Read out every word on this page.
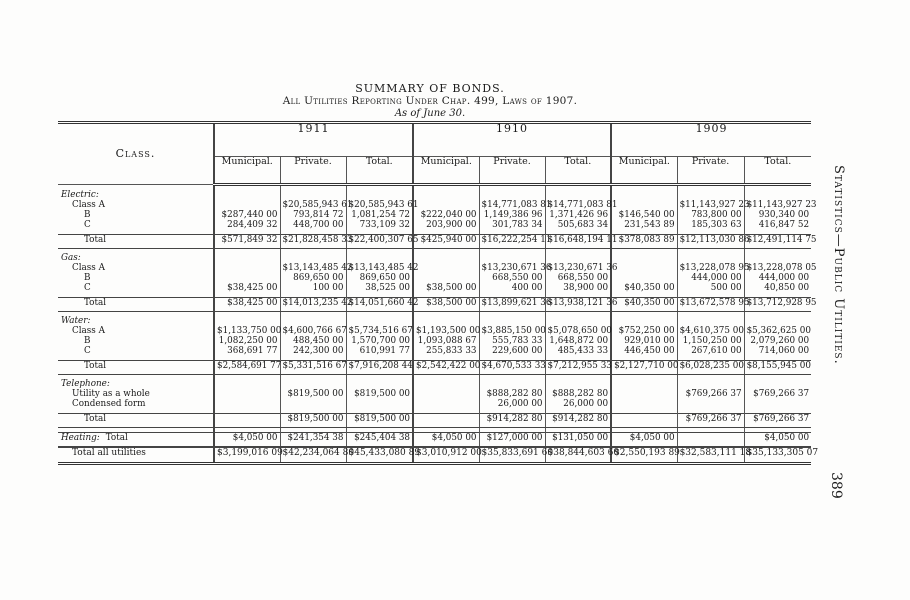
SUMMARY OF BONDS.
All Utilities Reporting Under Chap. 499, Laws of 1907.
As of June 30.
Class.	1911			1910			1909		
	Municipal.	Private.	Total.	Municipal.	Private.	Total.	Municipal.	Private.	Total.

Electric:									
Class A		$20,585,943 61	$20,585,943 61		$14,771,083 81	$14,771,083 81		$11,143,927 23	$11,143,927 23
B	$287,440 00	793,814 72	1,081,254 72	$222,040 00	1,149,386 96	1,371,426 96	$146,540 00	783,800 00	930,340 00
C	284,409 32	448,700 00	733,109 32	203,900 00	301,783 34	505,683 34	231,543 89	185,303 63	416,847 52

Total	$571,849 32	$21,828,458 33	$22,400,307 65	$425,940 00	$16,222,254 11	$16,648,194 11	$378,083 89	$12,113,030 86	$12,491,114 75

Gas:									
Class A		$13,143,485 42	$13,143,485 42		$13,230,671 36	$13,230,671 36		$13,228,078 95	$13,228,078 05
B		869,650 00	869,650 00		668,550 00	668,550 00		444,000 00	444,000 00
C	$38,425 00	100 00	38,525 00	$38,500 00	400 00	38,900 00	$40,350 00	500 00	40,850 00

Total	$38,425 00	$14,013,235 42	$14,051,660 42	$38,500 00	$13,899,621 36	$13,938,121 36	$40,350 00	$13,672,578 95	$13,712,928 95

Water:									
Class A	$1,133,750 00	$4,600,766 67	$5,734,516 67	$1,193,500 00	$3,885,150 00	$5,078,650 00	$752,250 00	$4,610,375 00	$5,362,625 00
B	1,082,250 00	488,450 00	1,570,700 00	1,093,088 67	555,783 33	1,648,872 00	929,010 00	1,150,250 00	2,079,260 00
C	368,691 77	242,300 00	610,991 77	255,833 33	229,600 00	485,433 33	446,450 00	267,610 00	714,060 00

Total	$2,584,691 77	$5,331,516 67	$7,916,208 44	$2,542,422 00	$4,670,533 33	$7,212,955 33	$2,127,710 00	$6,028,235 00	$8,155,945 00

Telephone:									
Utility as a whole		$819,500 00	$819,500 00		$888,282 80	$888,282 80		$769,266 37	$769,266 37
Condensed form					26,000 00	26,000 00			

Total		$819,500 00	$819,500 00		$914,282 80	$914,282 80		$769,266 37	$769,266 37

Heating: Total	$4,050 00	$241,354 38	$245,404 38	$4,050 00	$127,000 00	$131,050 00	$4,050 00		$4,050 00
Total all utilities	$3,199,016 09	$42,234,064 80	$45,433,080 89	$3,010,912 00	$35,833,691 60	$38,844,603 60	$2,550,193 89	$32,583,111 18	$35,133,305 07
Statistics—Public Utilities.
389
